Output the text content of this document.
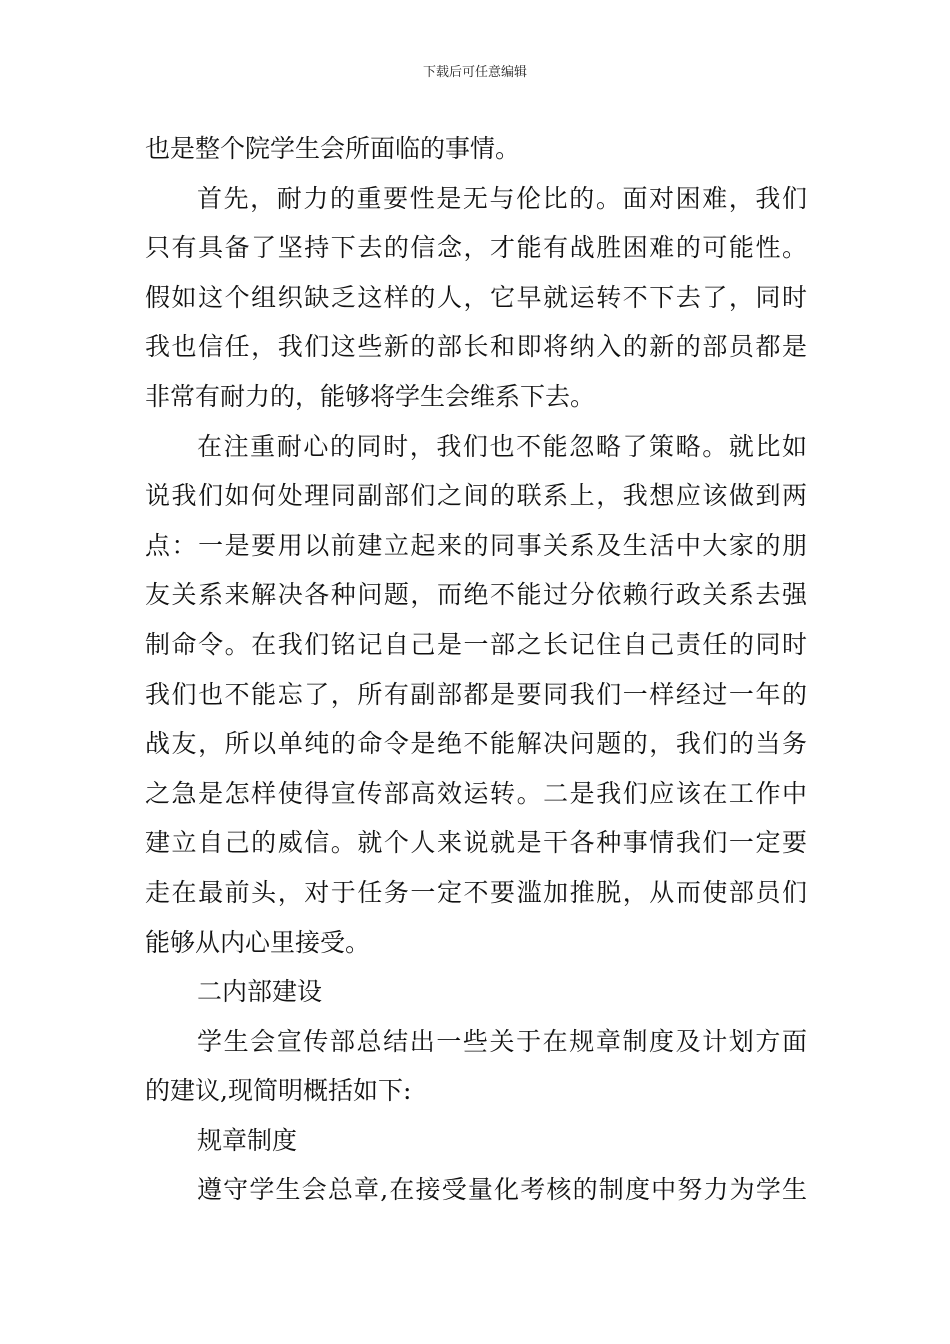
下载后可任意编辑
也是整个院学生会所面临的事情。
首先，耐力的重要性是无与伦比的。面对困难，我们
只有具备了坚持下去的信念，才能有战胜困难的可能性。
假如这个组织缺乏这样的人，它早就运转不下去了，同时
我也信任，我们这些新的部长和即将纳入的新的部员都是
非常有耐力的，能够将学生会维系下去。
在注重耐心的同时，我们也不能忽略了策略。就比如
说我们如何处理同副部们之间的联系上，我想应该做到两
点：一是要用以前建立起来的同事关系及生活中大家的朋
友关系来解决各种问题，而绝不能过分依赖行政关系去强
制命令。在我们铭记自己是一部之长记住自己责任的同时
我们也不能忘了，所有副部都是要同我们一样经过一年的
战友，所以单纯的命令是绝不能解决问题的，我们的当务
之急是怎样使得宣传部高效运转。二是我们应该在工作中
建立自己的威信。就个人来说就是干各种事情我们一定要
走在最前头，对于任务一定不要滥加推脱，从而使部员们
能够从内心里接受。
二内部建设
学生会宣传部总结出一些关于在规章制度及计划方面
的建议,现简明概括如下:
规章制度
遵守学生会总章,在接受量化考核的制度中努力为学生
